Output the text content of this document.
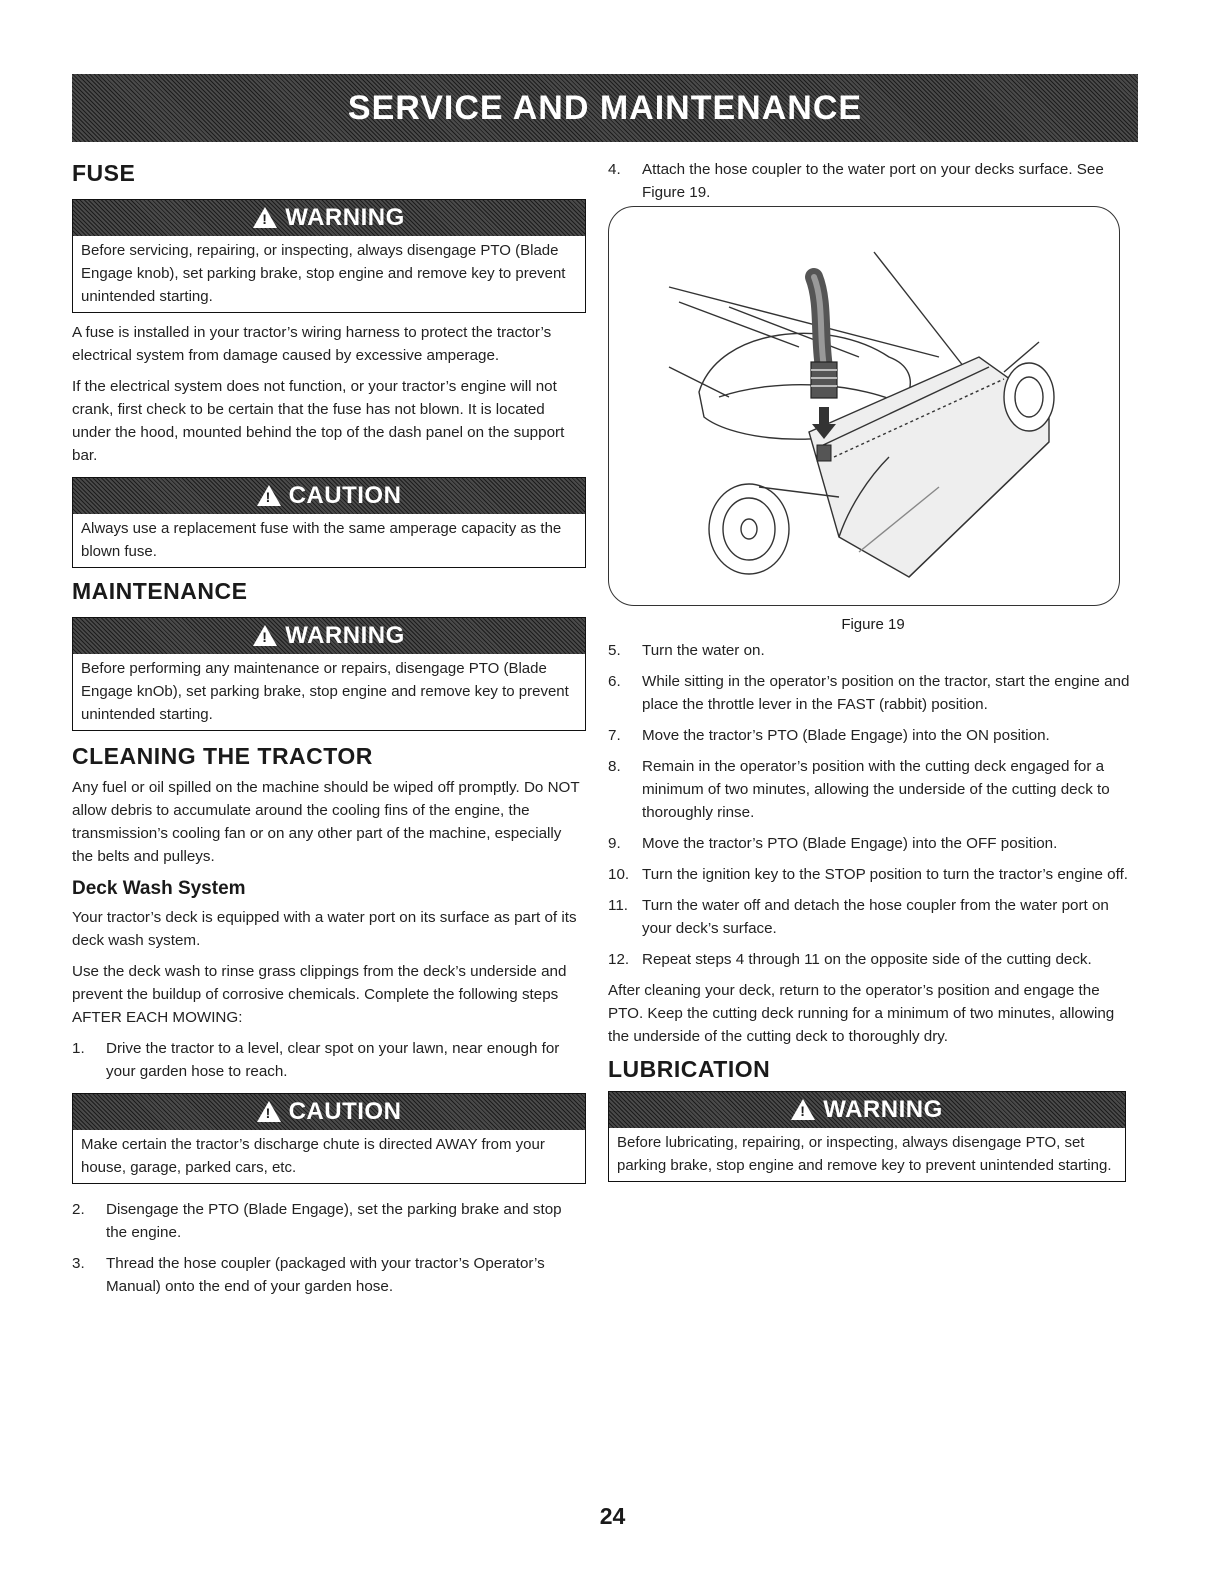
SERVICE AND MAINTENANCE
FUSE
!
WARNING
Before servicing, repairing, or inspecting, always disengage PTO (Blade Engage knob), set parking brake, stop engine and remove key to prevent unintended starting.

A fuse is installed in your tractor’s wiring harness to protect the tractor’s electrical system from damage caused by excessive amperage.

If the electrical system does not function, or your tractor’s engine will not crank, first check to be certain that the fuse has not blown. It is located under the hood, mounted behind the top of the dash panel on the support bar.

!
CAUTION
Always use a replacement fuse with the same amperage capacity as the blown fuse.
MAINTENANCE
!
WARNING
Before performing any maintenance or repairs, disengage PTO (Blade Engage knOb), set parking brake, stop engine and remove key to prevent unintended starting.
CLEANING THE TRACTOR

Any fuel or oil spilled on the machine should be wiped off promptly. Do NOT allow debris to accumulate around the cooling fins of the engine, the transmission’s cooling fan or on any other part of the machine, especially the belts and pulleys.

Deck Wash System

Your tractor’s deck is equipped with a water port on its surface as part of its deck wash system.

Use the deck wash to rinse grass clippings from the deck’s underside and prevent the buildup of corrosive chemicals. Complete the following steps AFTER EACH MOWING:

1.	Drive the tractor to a level, clear spot on your lawn, near enough for your garden hose to reach.
!
CAUTION
Make certain the tractor’s discharge chute is directed AWAY from your house, garage, parked cars, etc.
2.	Disengage the PTO (Blade Engage), set the parking brake and stop the engine.
3.	Thread the hose coupler (packaged with your tractor’s Operator’s Manual) onto the end of your garden hose.
4.	Attach the hose coupler to the water port on your decks surface. See Figure 19.
Figure 19
5.	Turn the water on.
6.	While sitting in the operator’s position on the tractor, start the engine and place the throttle lever in the FAST (rabbit) position.
7.	Move the tractor’s PTO (Blade Engage) into the ON position.
8.	Remain in the operator’s position with the cutting deck engaged for a minimum of two minutes, allowing the underside of the cutting deck to thoroughly rinse.
9.	Move the tractor’s PTO (Blade Engage) into the OFF position.
10. Turn the ignition key to the STOP position to turn the tractor’s engine off.
11. Turn the water off and detach the hose coupler from the water port on your deck’s surface.
12. Repeat steps 4 through 11 on the opposite side of the cutting deck.

After cleaning your deck, return to the operator’s position and engage the PTO. Keep the cutting deck running for a minimum of two minutes, allowing the underside of the cutting deck to thoroughly dry.

LUBRICATION
!
WARNING
Before lubricating, repairing, or inspecting, always disengage PTO, set parking brake, stop engine and remove key to prevent unintended starting.
24
